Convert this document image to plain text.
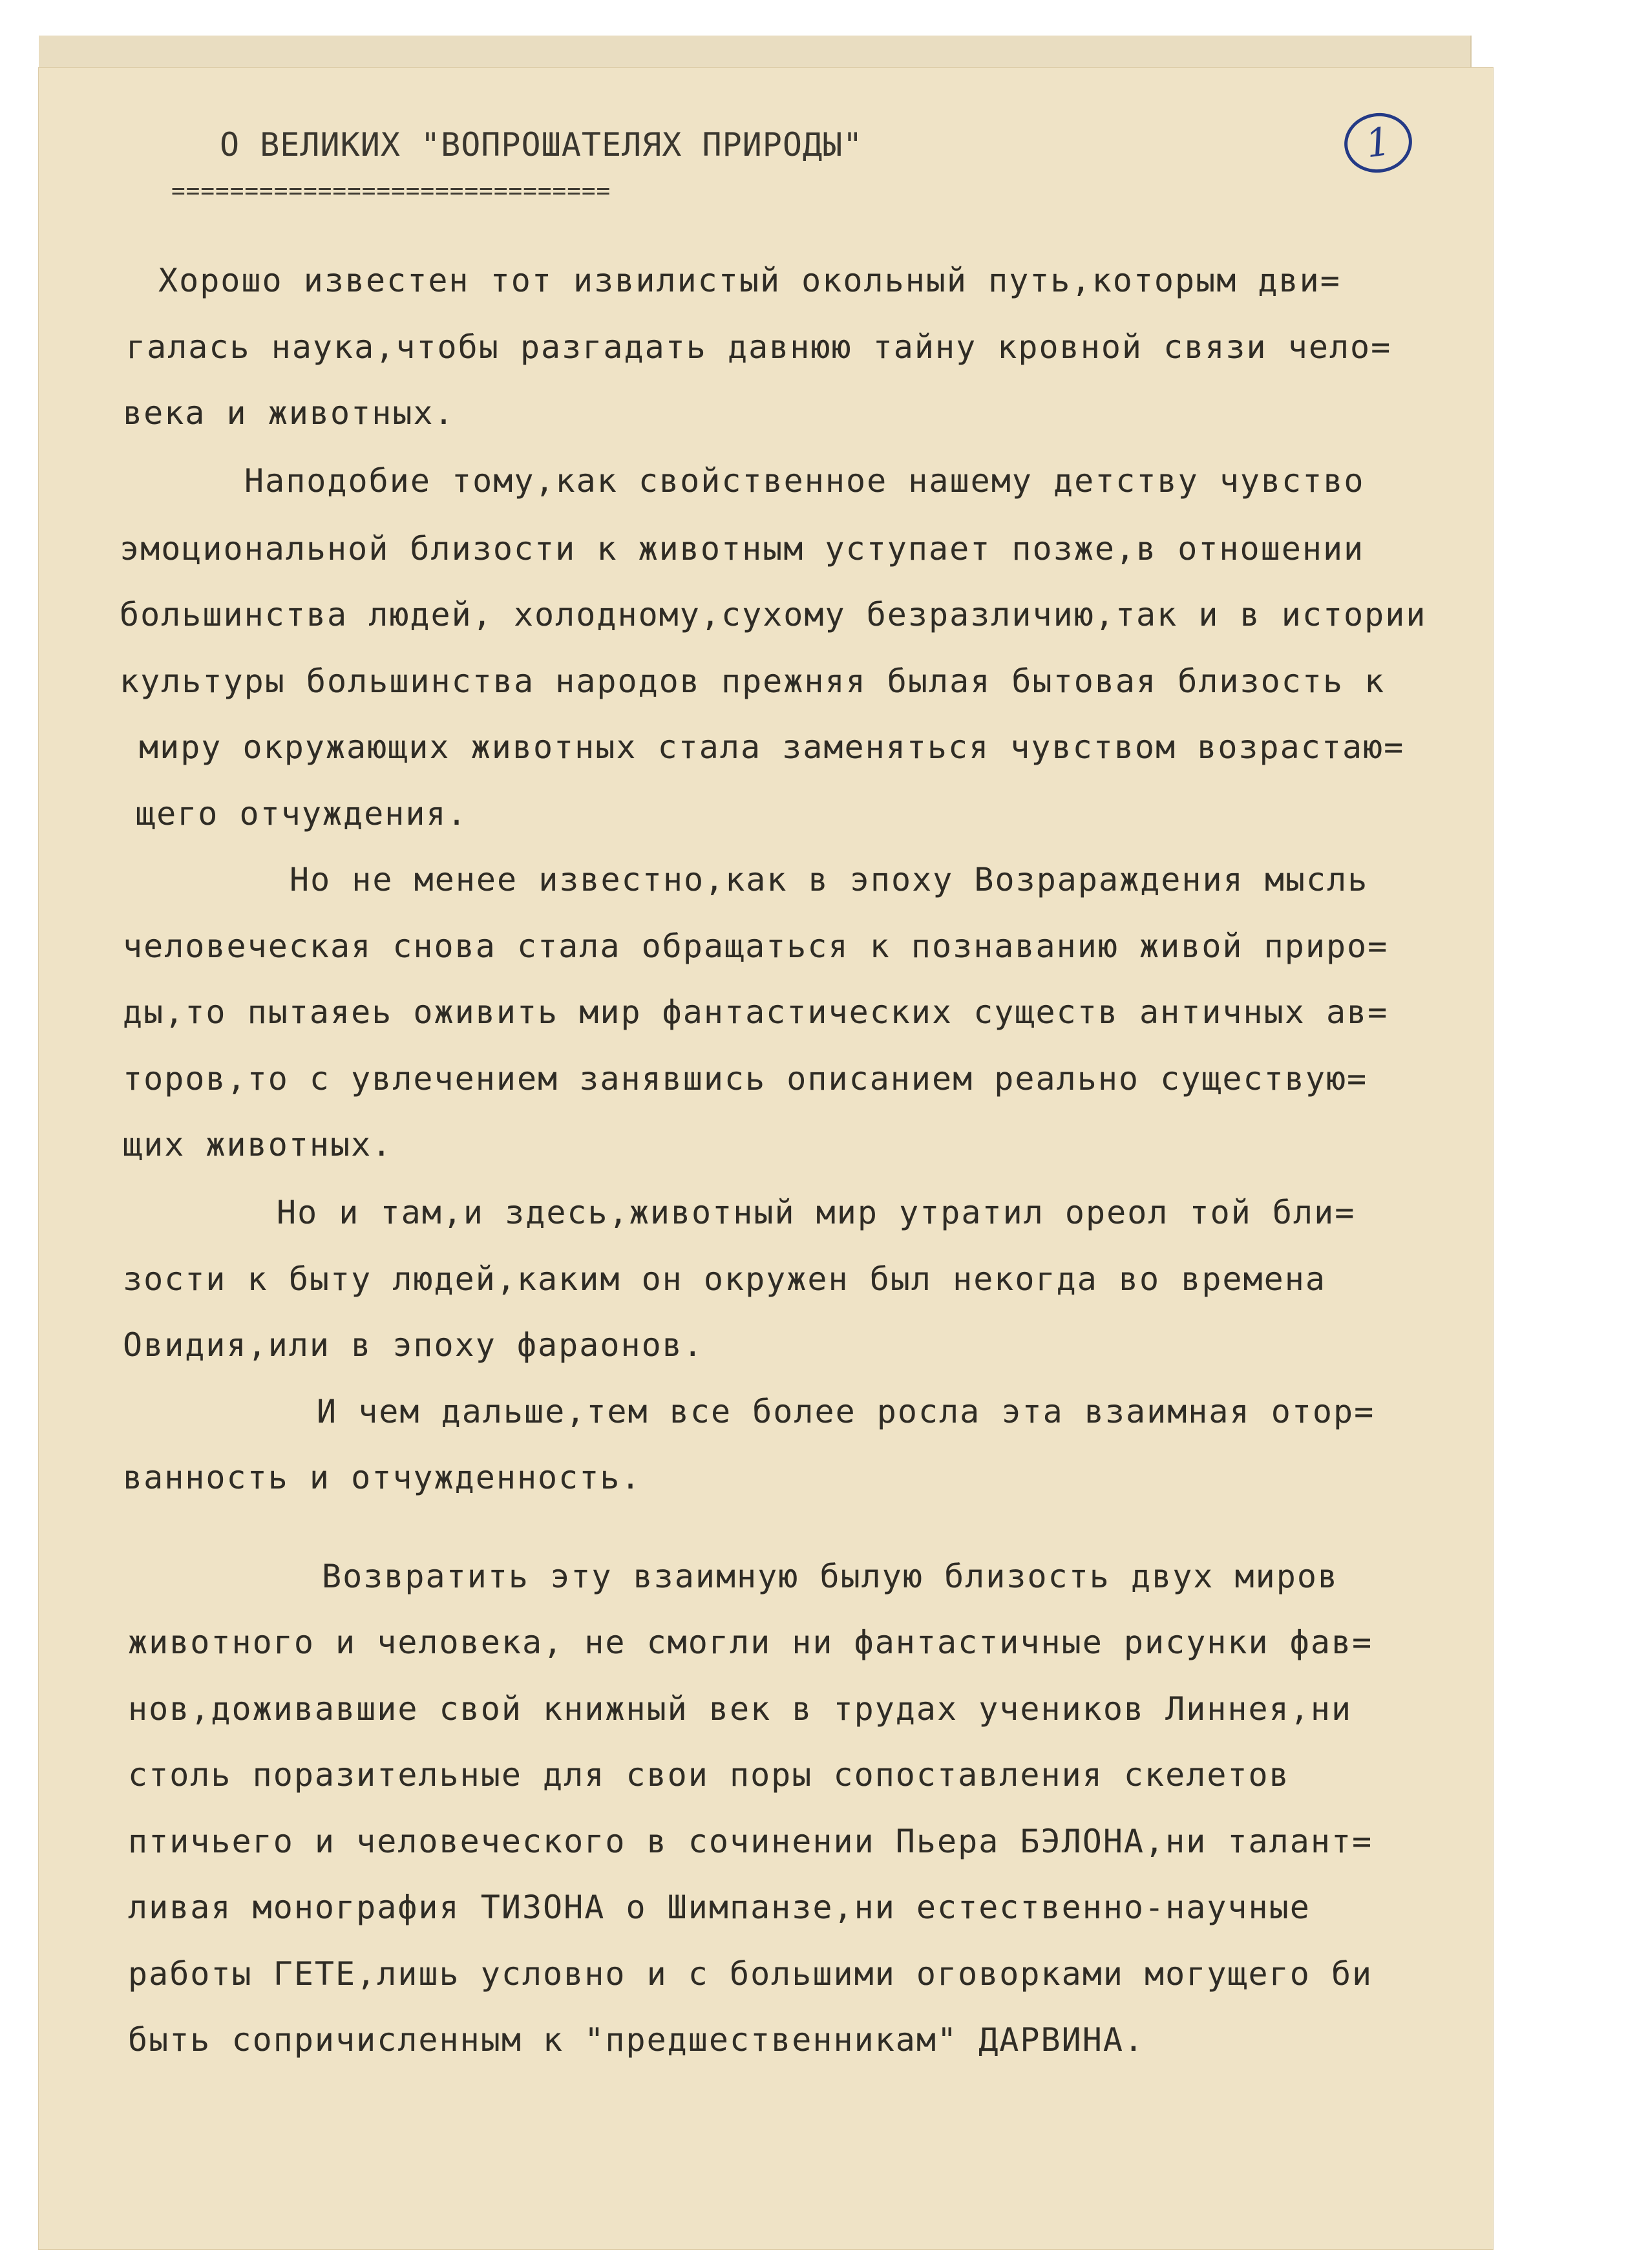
1
О ВЕЛИКИХ "ВОПРОШАТЕЛЯХ ПРИРОДЫ"
==============================

Хорошо известен тот извилистый окольный путь,которым дви=

галась наука,чтобы разгадать давнюю тайну кровной связи чело=

века и животных.

Наподобие тому,как свойственное нашему детству чувство

эмоциональной близости к животным уступает позже,в отношении

большинства людей, холодному,сухому безразличию,так и в истории

культуры большинства народов прежняя былая бытовая близость к

миру окружающих животных стала заменяться чувством возрастаю=

щего отчуждения.

Но не менее известно,как в эпоху Возрараждения мысль

человеческая снова стала обращаться к познаванию живой приро=

ды,то пытаяеь оживить мир фантастических существ античных ав=

торов,то с увлечением занявшись описанием реально существую=

щих животных.

Но и там,и здесь,животный мир утратил ореол той бли=

зости к быту людей,каким он окружен был некогда во времена

Овидия,или в эпоху фараонов.

И чем дальше,тем все более росла эта взаимная отор=

ванность и отчужденность.

Возвратить эту взаимную былую близость двух миров

животного и человека, не смогли ни фантастичные рисунки фав=

нов,доживавшие свой книжный век в трудах учеников Линнея,ни

столь поразительные для свои поры сопоставления скелетов

птичьего и человеческого в сочинении Пьера БЭЛОНА,ни талант=

ливая монография ТИЗОНА о Шимпанзе,ни естественно-научные

работы ГЕТЕ,лишь условно и с большими оговорками могущего би

быть сопричисленным к "предшественникам" ДАРВИНА.
